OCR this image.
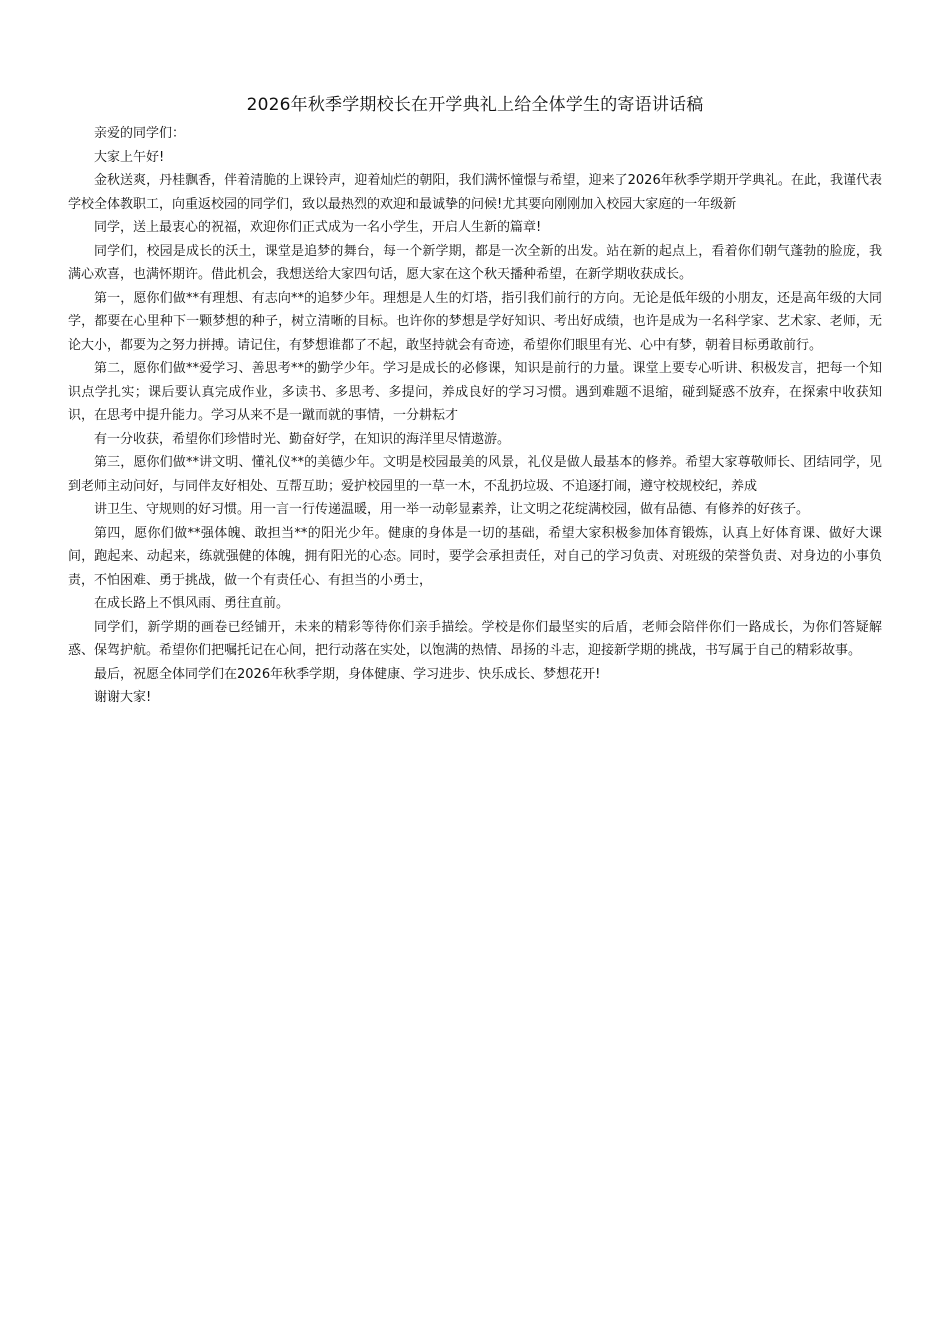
2026年秋季学期校长在开学典礼上给全体学生的寄语讲话稿

亲爱的同学们：

大家上午好!

金秋送爽，丹桂飘香，伴着清脆的上课铃声，迎着灿烂的朝阳，我们满怀憧憬与希望，迎来了2026年秋季学期开学典礼。在此，我谨代表学校全体教职工，向重返校园的同学们，致以最热烈的欢迎和最诚挚的问候!尤其要向刚刚加入校园大家庭的一年级新

同学，送上最衷心的祝福，欢迎你们正式成为一名小学生，开启人生新的篇章!

同学们，校园是成长的沃土，课堂是追梦的舞台，每一个新学期，都是一次全新的出发。站在新的起点上，看着你们朝气蓬勃的脸庞，我满心欢喜，也满怀期许。借此机会，我想送给大家四句话，愿大家在这个秋天播种希望，在新学期收获成长。

第一，愿你们做**有理想、有志向**的追梦少年。理想是人生的灯塔，指引我们前行的方向。无论是低年级的小朋友，还是高年级的大同学，都要在心里种下一颗梦想的种子，树立清晰的目标。也许你的梦想是学好知识、考出好成绩，也许是成为一名科学家、艺术家、老师，无论大小，都要为之努力拼搏。请记住，有梦想谁都了不起，敢坚持就会有奇迹，希望你们眼里有光、心中有梦，朝着目标勇敢前行。

第二，愿你们做**爱学习、善思考**的勤学少年。学习是成长的必修课，知识是前行的力量。课堂上要专心听讲、积极发言，把每一个知识点学扎实；课后要认真完成作业，多读书、多思考、多提问，养成良好的学习习惯。遇到难题不退缩，碰到疑惑不放弃，在探索中收获知识，在思考中提升能力。学习从来不是一蹴而就的事情，一分耕耘才

有一分收获，希望你们珍惜时光、勤奋好学，在知识的海洋里尽情遨游。

第三，愿你们做**讲文明、懂礼仪**的美德少年。文明是校园最美的风景，礼仪是做人最基本的修养。希望大家尊敬师长、团结同学，见到老师主动问好，与同伴友好相处、互帮互助；爱护校园里的一草一木，不乱扔垃圾、不追逐打闹，遵守校规校纪，养成

讲卫生、守规则的好习惯。用一言一行传递温暖，用一举一动彰显素养，让文明之花绽满校园，做有品德、有修养的好孩子。

第四，愿你们做**强体魄、敢担当**的阳光少年。健康的身体是一切的基础，希望大家积极参加体育锻炼，认真上好体育课、做好大课间，跑起来、动起来，练就强健的体魄，拥有阳光的心态。同时，要学会承担责任，对自己的学习负责、对班级的荣誉负责、对身边的小事负责，不怕困难、勇于挑战，做一个有责任心、有担当的小勇士，

在成长路上不惧风雨、勇往直前。

同学们，新学期的画卷已经铺开，未来的精彩等待你们亲手描绘。学校是你们最坚实的后盾，老师会陪伴你们一路成长，为你们答疑解惑、保驾护航。希望你们把嘱托记在心间，把行动落在实处，以饱满的热情、昂扬的斗志，迎接新学期的挑战，书写属于自己的精彩故事。

最后，祝愿全体同学们在2026年秋季学期，身体健康、学习进步、快乐成长、梦想花开!

谢谢大家!
